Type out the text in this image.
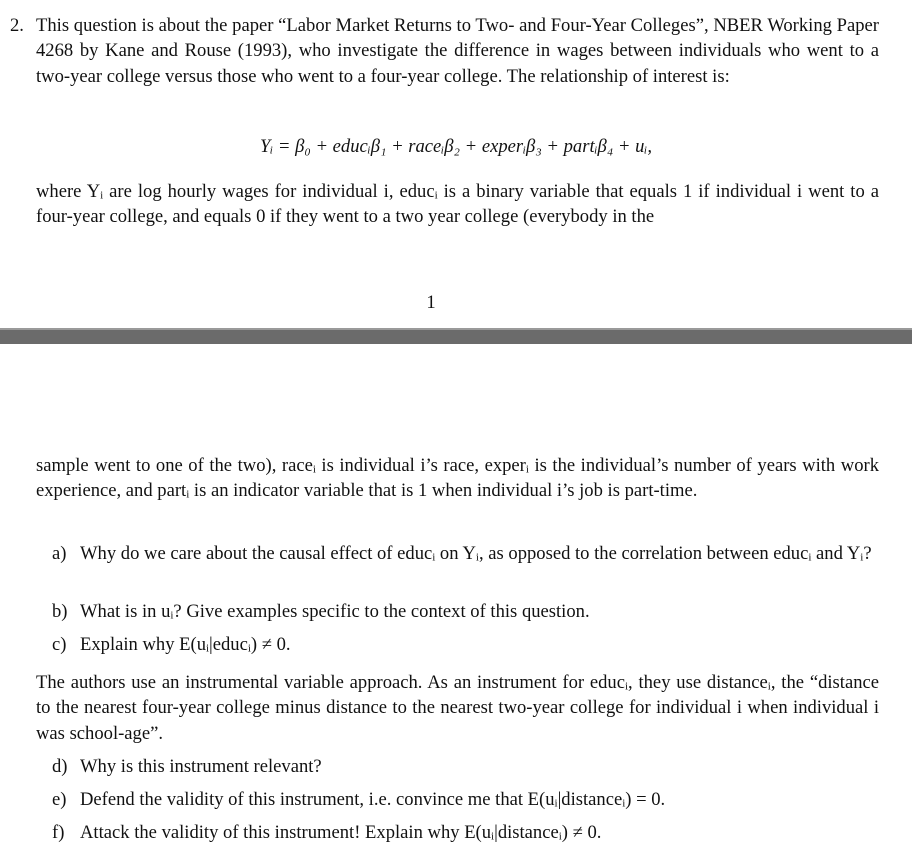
2. This question is about the paper “Labor Market Returns to Two- and Four-Year Colleges”, NBER Working Paper 4268 by Kane and Rouse (1993), who investigate the difference in wages between individuals who went to a two-year college versus those who went to a four-year college. The relationship of interest is:
Yᵢ = β₀ + educᵢβ₁ + raceᵢβ₂ + experᵢβ₃ + partᵢβ₄ + uᵢ,
where Yᵢ are log hourly wages for individual i, educᵢ is a binary variable that equals 1 if individual i went to a four-year college, and equals 0 if they went to a two year college (everybody in the
1
sample went to one of the two), raceᵢ is individual i’s race, experᵢ is the individual’s number of years with work experience, and partᵢ is an indicator variable that is 1 when individual i’s job is part-time.
a) Why do we care about the causal effect of educᵢ on Yᵢ, as opposed to the correlation between educᵢ and Yᵢ?
b) What is in uᵢ? Give examples specific to the context of this question.
c) Explain why E(uᵢ|educᵢ) ≠ 0.
The authors use an instrumental variable approach. As an instrument for educᵢ, they use distanceᵢ, the “distance to the nearest four-year college minus distance to the nearest two-year college for individual i when individual i was school-age”.
d) Why is this instrument relevant?
e) Defend the validity of this instrument, i.e. convince me that E(uᵢ|distanceᵢ) = 0.
f) Attack the validity of this instrument! Explain why E(uᵢ|distanceᵢ) ≠ 0.
